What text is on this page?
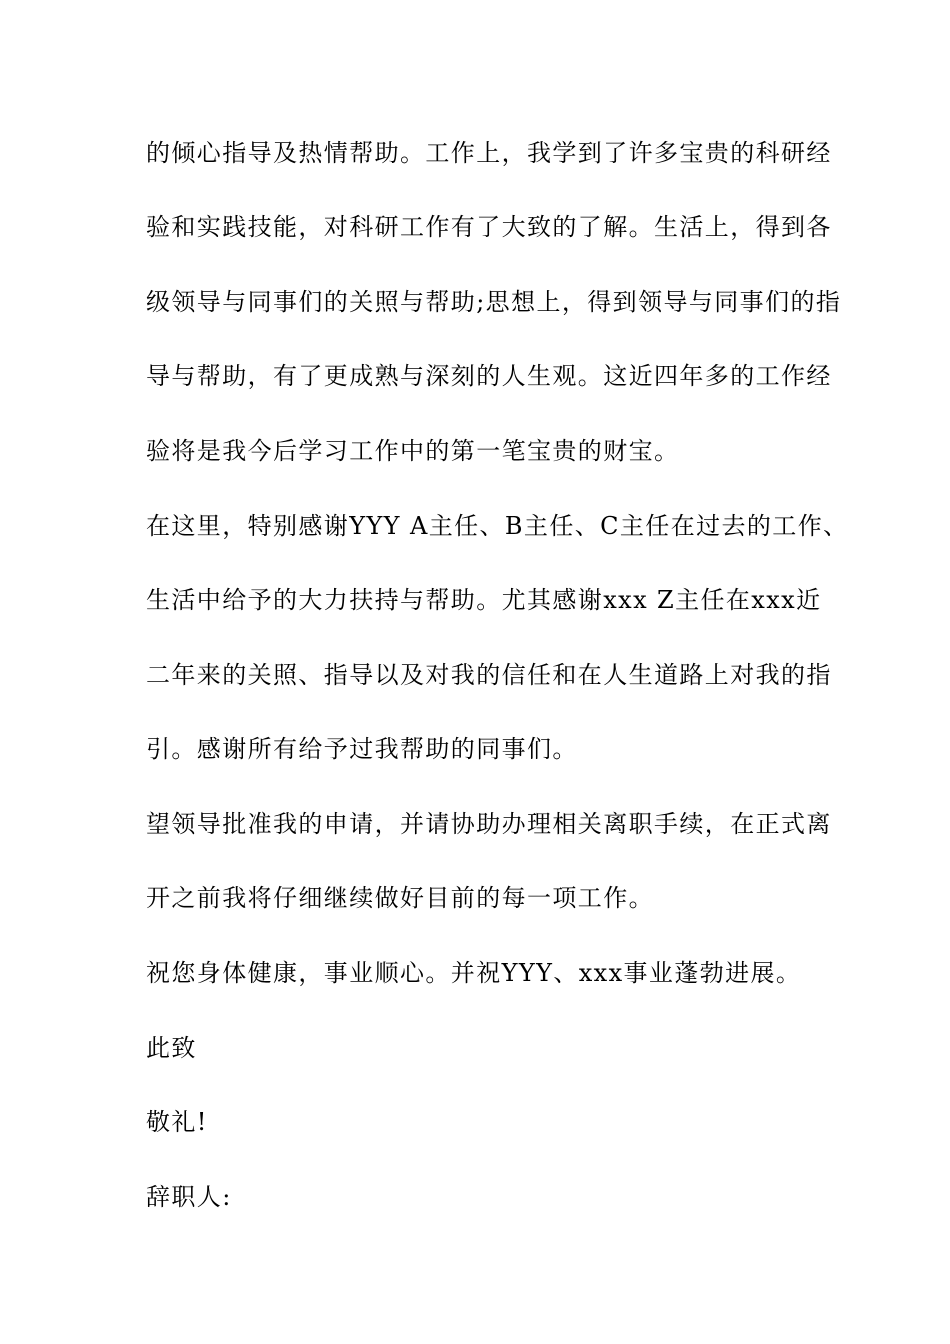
的倾心指导及热情帮助。工作上，我学到了许多宝贵的科研经
验和实践技能，对科研工作有了大致的了解。生活上，得到各
级领导与同事们的关照与帮助;思想上，得到领导与同事们的指
导与帮助，有了更成熟与深刻的人生观。这近四年多的工作经
验将是我今后学习工作中的第一笔宝贵的财宝。
在这里，特别感谢YYY A主任、B主任、C主任在过去的工作、
生活中给予的大力扶持与帮助。尤其感谢xxx Z主任在xxx近
二年来的关照、指导以及对我的信任和在人生道路上对我的指
引。感谢所有给予过我帮助的同事们。
望领导批准我的申请，并请协助办理相关离职手续，在正式离
开之前我将仔细继续做好目前的每一项工作。
祝您身体健康，事业顺心。并祝YYY、xxx事业蓬勃进展。
此致
敬礼!
辞职人:
